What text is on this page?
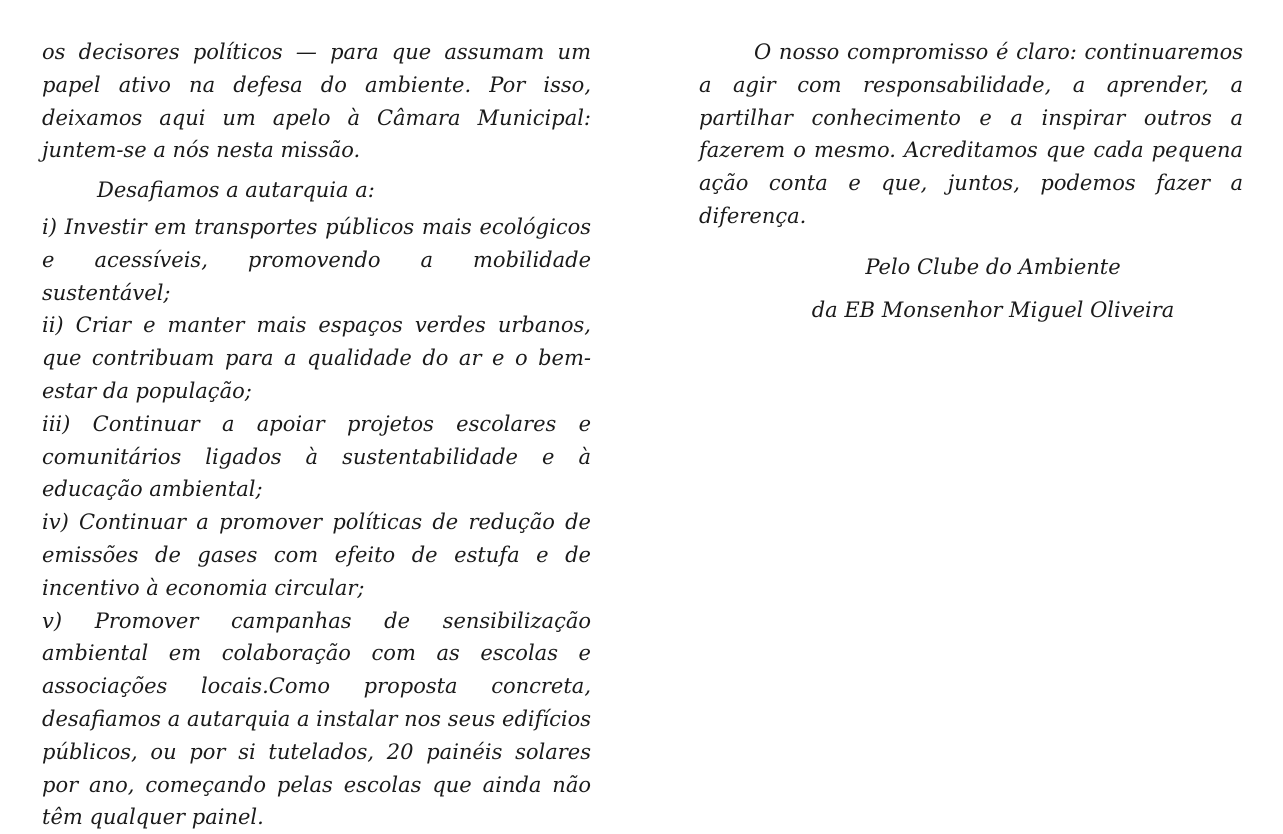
os decisores políticos — para que assumam um papel ativo na defesa do ambiente. Por isso, deixamos aqui um apelo à Câmara Municipal: juntem-se a nós nesta missão.

Desafiamos a autarquia a:

i) Investir em transportes públicos mais ecológicos e acessíveis, promovendo a mobilidade sustentável;

ii) Criar e manter mais espaços verdes urbanos, que contribuam para a qualidade do ar e o bem-estar da população;

iii) Continuar a apoiar projetos escolares e comunitários ligados à sustentabilidade e à educação ambiental;

iv) Continuar a promover políticas de redução de emissões de gases com efeito de estufa e de incentivo à economia circular;

v) Promover campanhas de sensibilização ambiental em colaboração com as escolas e associações locais.Como proposta concreta, desafiamos a autarquia a instalar nos seus edifícios públicos, ou por si tutelados, 20 painéis solares por ano, começando pelas escolas que ainda não têm qualquer painel.

O nosso compromisso é claro: continuaremos a agir com responsabilidade, a aprender, a partilhar conhecimento e a inspirar outros a fazerem o mesmo. Acreditamos que cada pequena ação conta e que, juntos, podemos fazer a diferença.

Pelo Clube do Ambiente
da EB Monsenhor Miguel Oliveira
